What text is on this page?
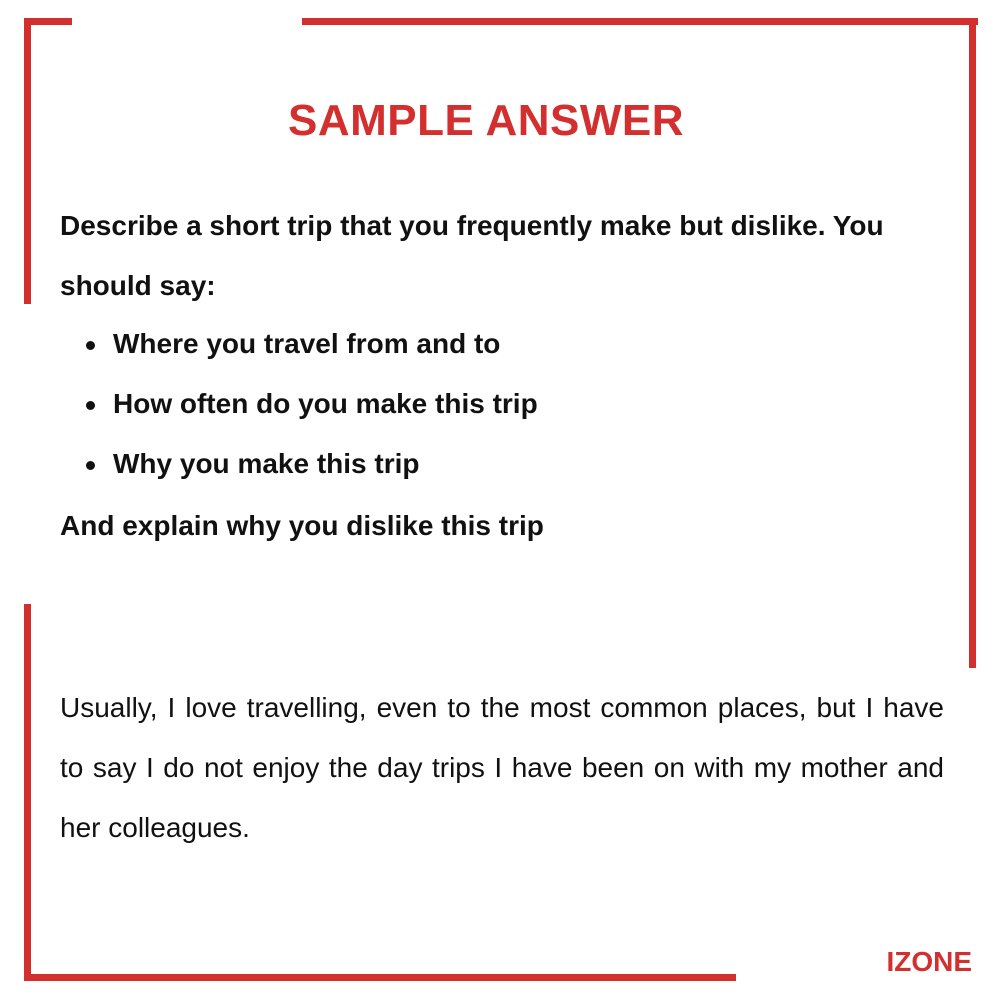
SAMPLE ANSWER

Describe a short trip that you frequently make but dislike. You should say:

Where you travel from and to
How often do you make this trip
Why you make this trip

And explain why you dislike this trip

Usually, I love travelling, even to the most common places, but I have to say I do not enjoy the day trips I have been on with my mother and her colleagues.

IZONE
